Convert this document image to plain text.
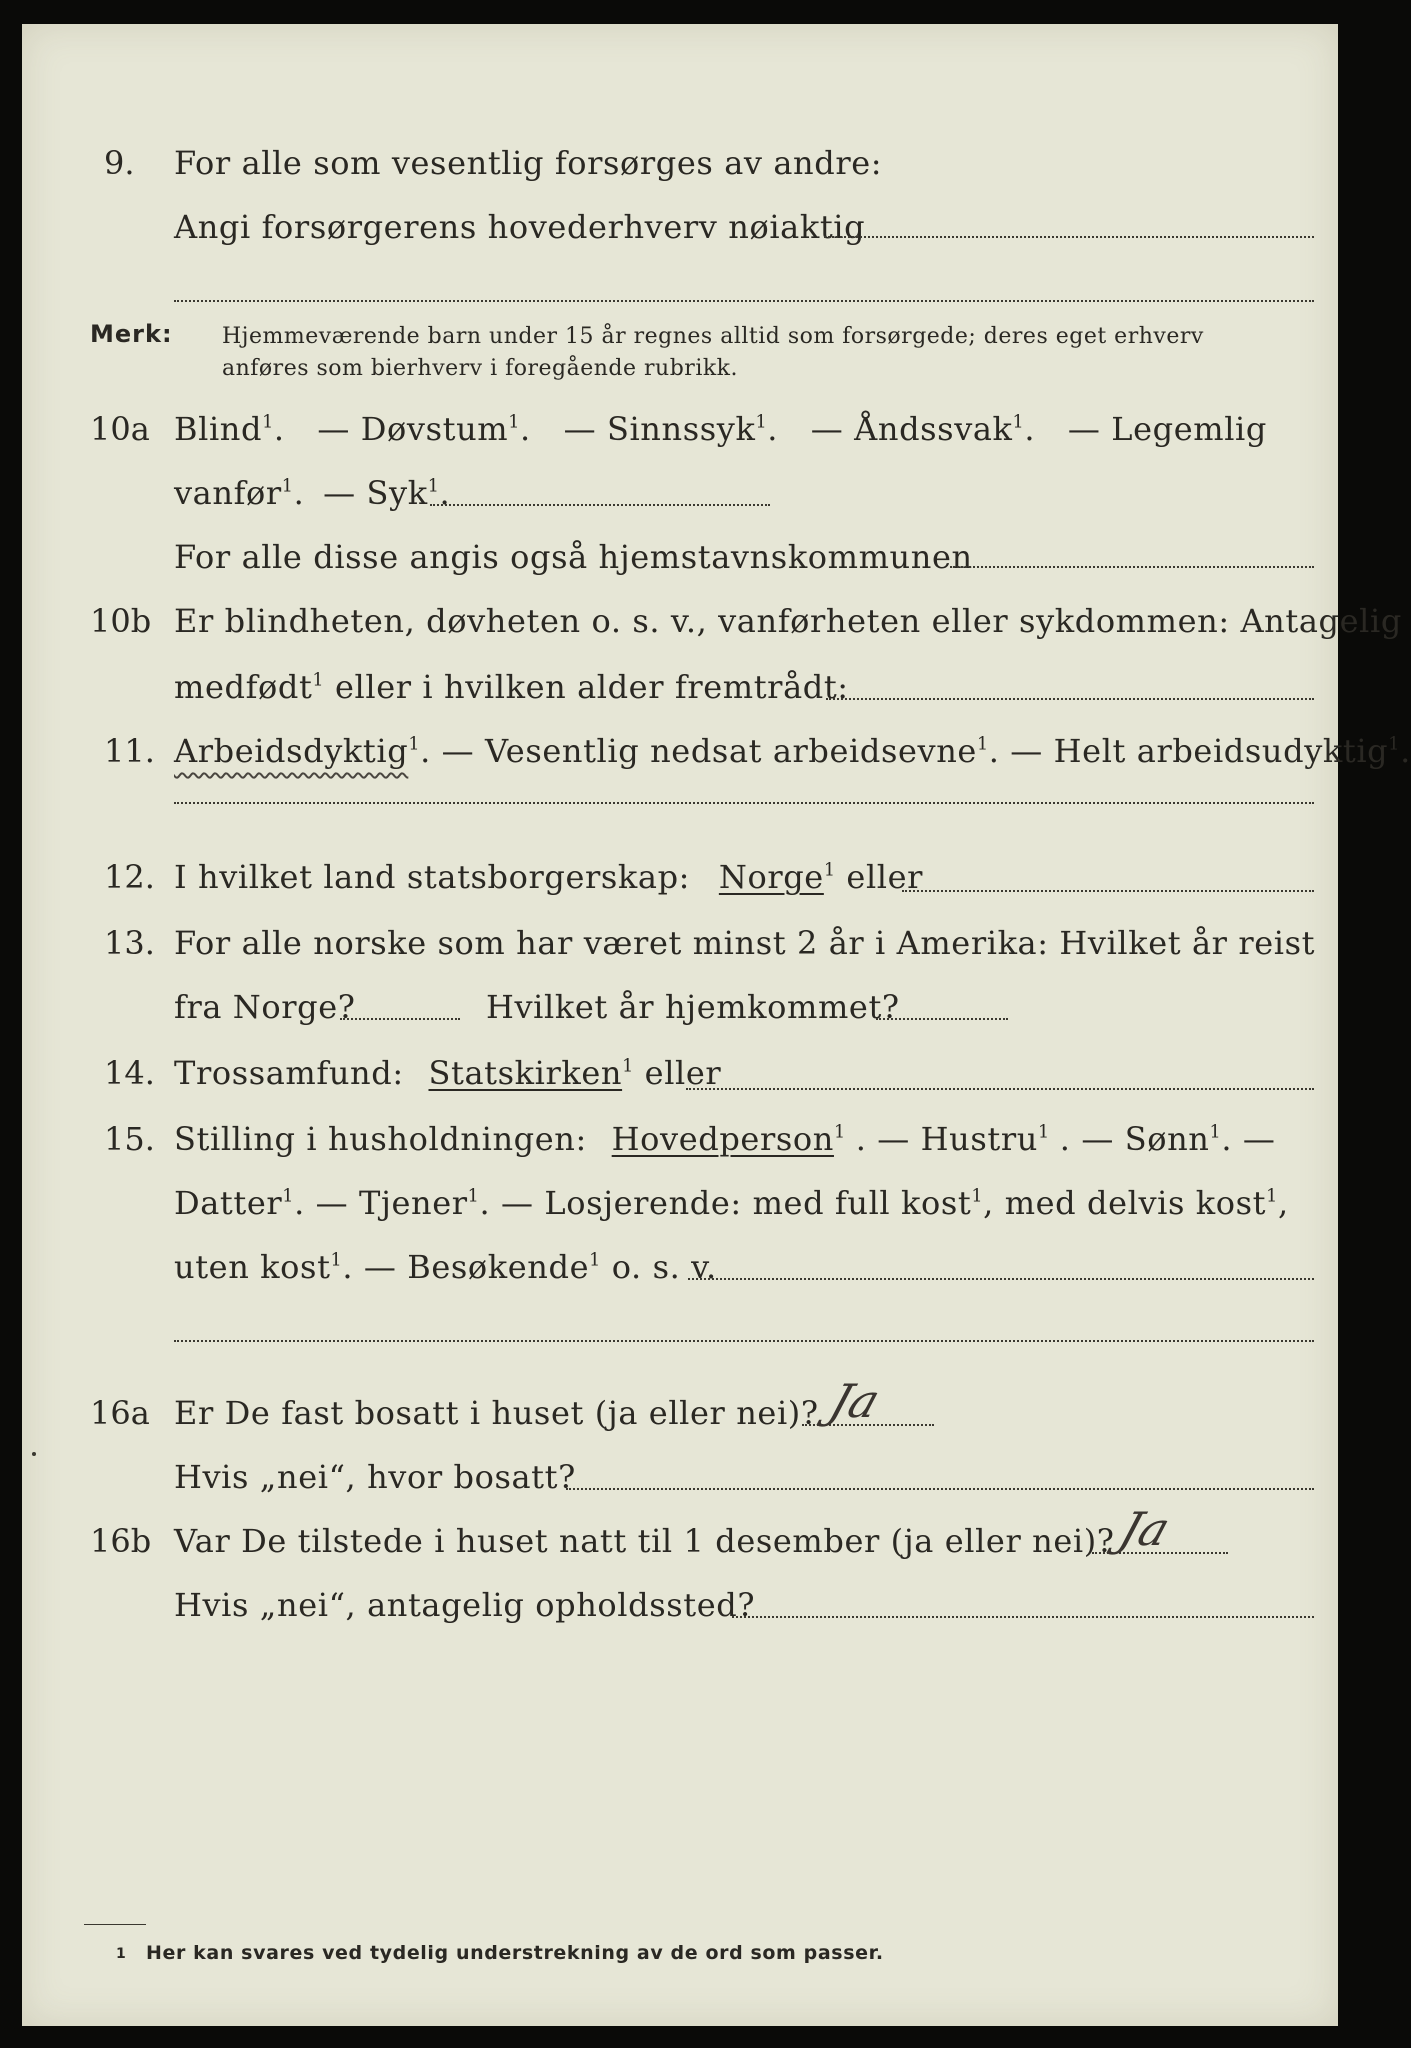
9. For alle som vesentlig forsørges av andre:
Angi forsørgerens hovederhverv nøiaktig
Merk: Hjemmeværende barn under 15 år regnes alltid som forsørgede; deres eget erhverv
anføres som bierhverv i foregående rubrikk.
10a Blind$^1$. — Døvstum$^1$. — Sinnssyk$^1$. — Åndssvak$^1$. — Legemlig
vanfør$^1$. — Syk$^1$.
For alle disse angis også hjemstavnskommunen
10b Er blindheten, døvheten o. s. v., vanførheten eller sykdommen: Antagelig
medfødt$^1$ eller i hvilken alder fremtrådt:
11. Arbeidsdyktig$^1$. — Vesentlig nedsat arbeidsevne$^1$. — Helt arbeidsudyktig$^1$.
12. I hvilket land statsborgerskap: Norge$^1$ eller
13. For alle norske som har været minst 2 år i Amerika: Hvilket år reist
fra Norge?	Hvilket år hjemkommet?
14. Trossamfund: Statskirken$^1$ eller
15. Stilling i husholdningen: Hovedperson$^1$ . — Hustru$^1$ . — Sønn$^1$. —
Datter$^1$. — Tjener$^1$. — Losjerende: med full kost$^1$, med delvis kost$^1$,
uten kost$^1$. — Besøkende$^1$ o. s. v.
16a Er De fast bosatt i huset (ja eller nei)? Ja
Hvis „nei“, hvor bosatt?
16b Var De tilstede i huset natt til 1 desember (ja eller nei)?
Ja
Hvis „nei“, antagelig opholdssted?
1 Her kan svares ved tydelig understrekning av de ord som passer.
